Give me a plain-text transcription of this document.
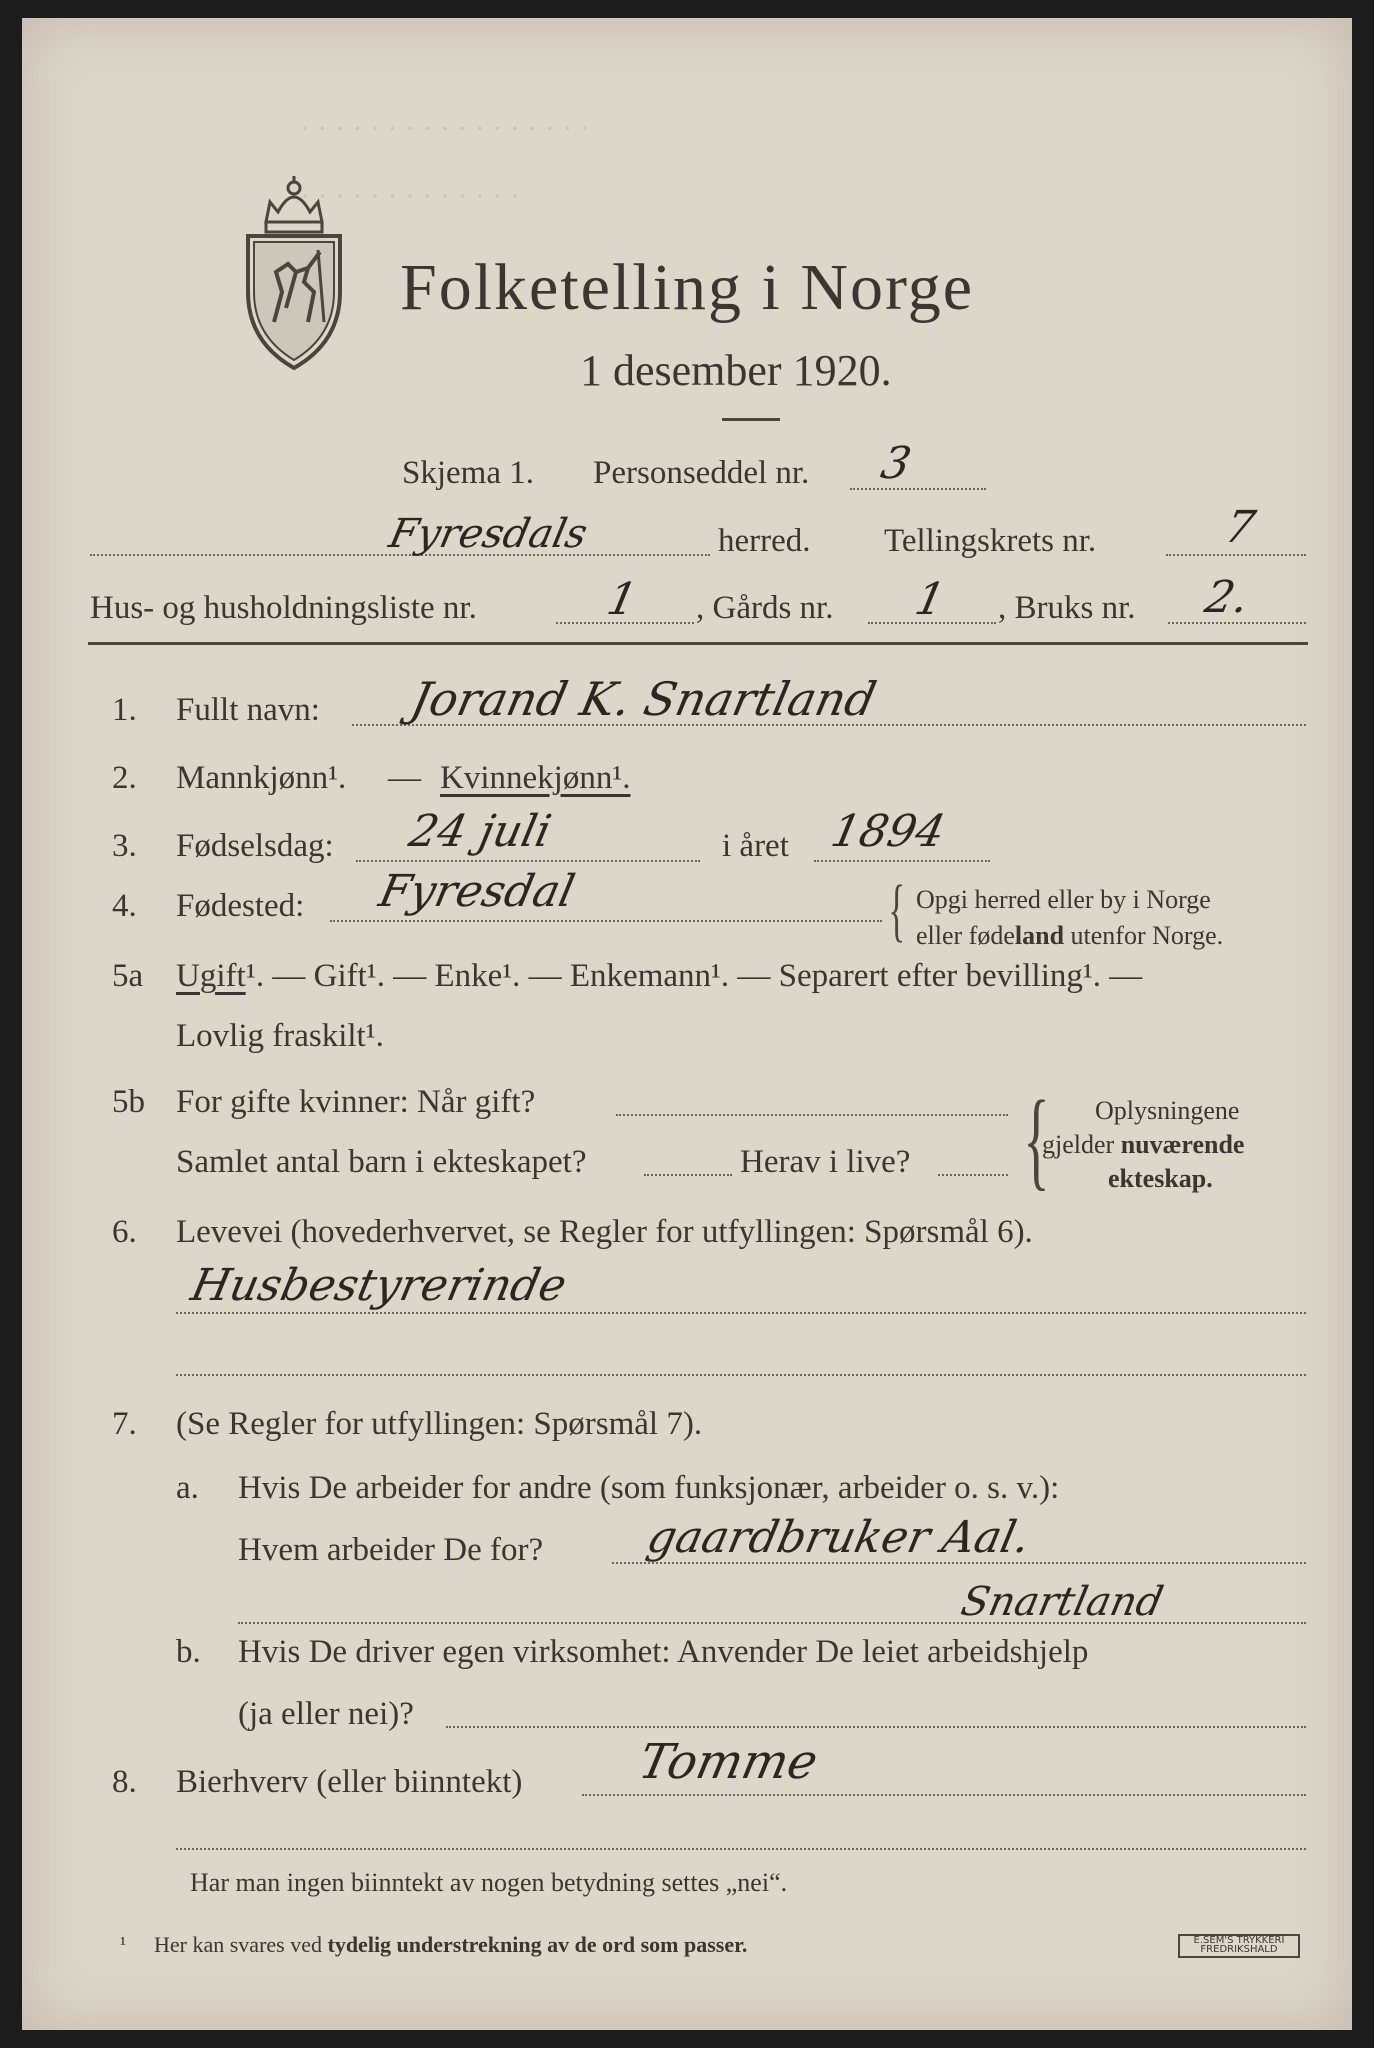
· · · · · · · · · · · · · · · · ·
· · · · · · · · · · · · ·
Folketelling i Norge
1 desember 1920.
Skjema 1. Personseddel nr. 3
Fyresdals	herred. Tellingskrets nr.	7
Hus- og husholdningsliste nr.	1 , Gårds nr. 1 , Bruks nr. 2.
1. Fullt navn: Jorand K. Snartland
2. Mannkjønn¹. — Kvinnekjønn¹.
3. Fødselsdag: 24 juli	i året 1894
4. Fødested: Fyresdal	{ Opgi herred eller by i Norge
eller fødeland utenfor Norge.
5a Ugift ¹. — Gift¹. — Enke¹. — Enkemann¹. — Separert efter bevilling¹. —
Lovlig fraskilt¹.
5b For gifte kvinner: Når gift?
Samlet antal barn i ekteskapet?	Herav i live? { Oplysningene
gjelder nuværende
ekteskap.
6. Levevei (hovederhvervet, se Regler for utfyllingen: Spørsmål 6).
Husbestyrerinde
7. (Se Regler for utfyllingen: Spørsmål 7).
a. Hvis De arbeider for andre (som funksjonær, arbeider o. s. v.):
Hvem arbeider De for? gaardbruker Aal.
Snartland
b. Hvis De driver egen virksomhet: Anvender De leiet arbeidshjelp
(ja eller nei)?
8. Bierhverv (eller biinntekt) Tomme
Har man ingen biinntekt av nogen betydning settes „nei“.
¹ Her kan svares ved tydelig understrekning av de ord som passer.	E.SEM'S TRYKKERI FREDRIKSHALD
